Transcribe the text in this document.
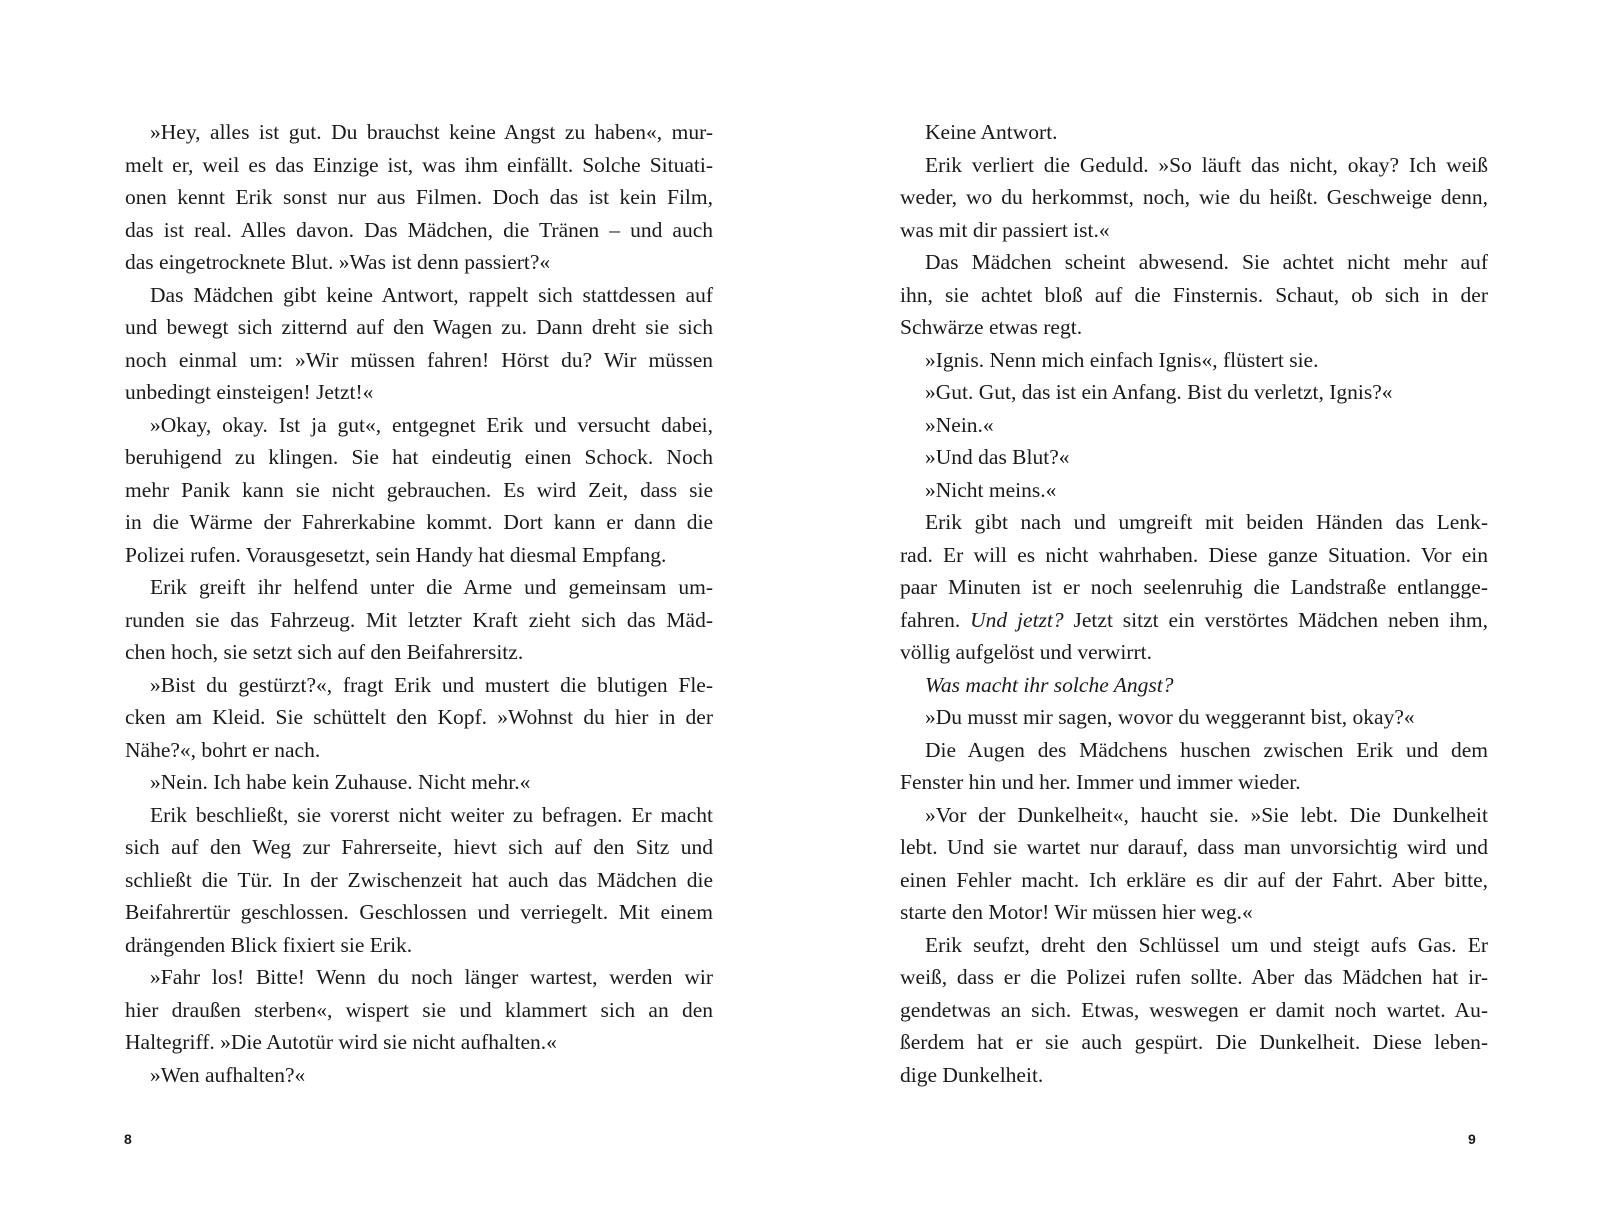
»Hey, alles ist gut. Du brauchst keine Angst zu haben«, mur-
melt er, weil es das Einzige ist, was ihm einfällt. Solche Situati-
onen kennt Erik sonst nur aus Filmen. Doch das ist kein Film,
das ist real. Alles davon. Das Mädchen, die Tränen – und auch
das eingetrocknete Blut. »Was ist denn passiert?«
Das Mädchen gibt keine Antwort, rappelt sich stattdessen auf
und bewegt sich zitternd auf den Wagen zu. Dann dreht sie sich
noch einmal um: »Wir müssen fahren! Hörst du? Wir müssen
unbedingt einsteigen! Jetzt!«
»Okay, okay. Ist ja gut«, entgegnet Erik und versucht dabei,
beruhigend zu klingen. Sie hat eindeutig einen Schock. Noch
mehr Panik kann sie nicht gebrauchen. Es wird Zeit, dass sie
in die Wärme der Fahrerkabine kommt. Dort kann er dann die
Polizei rufen. Vorausgesetzt, sein Handy hat diesmal Empfang.
Erik greift ihr helfend unter die Arme und gemeinsam um-
runden sie das Fahrzeug. Mit letzter Kraft zieht sich das Mäd-
chen hoch, sie setzt sich auf den Beifahrersitz.
»Bist du gestürzt?«, fragt Erik und mustert die blutigen Fle-
cken am Kleid. Sie schüttelt den Kopf. »Wohnst du hier in der
Nähe?«, bohrt er nach.
»Nein. Ich habe kein Zuhause. Nicht mehr.«
Erik beschließt, sie vorerst nicht weiter zu befragen. Er macht
sich auf den Weg zur Fahrerseite, hievt sich auf den Sitz und
schließt die Tür. In der Zwischenzeit hat auch das Mädchen die
Beifahrertür geschlossen. Geschlossen und verriegelt. Mit einem
drängenden Blick fixiert sie Erik.
»Fahr los! Bitte! Wenn du noch länger wartest, werden wir
hier draußen sterben«, wispert sie und klammert sich an den
Haltegriff. »Die Autotür wird sie nicht aufhalten.«
»Wen aufhalten?«
Keine Antwort.
Erik verliert die Geduld. »So läuft das nicht, okay? Ich weiß
weder, wo du herkommst, noch, wie du heißt. Geschweige denn,
was mit dir passiert ist.«
Das Mädchen scheint abwesend. Sie achtet nicht mehr auf
ihn, sie achtet bloß auf die Finsternis. Schaut, ob sich in der
Schwärze etwas regt.
»Ignis. Nenn mich einfach Ignis«, flüstert sie.
»Gut. Gut, das ist ein Anfang. Bist du verletzt, Ignis?«
»Nein.«
»Und das Blut?«
»Nicht meins.«
Erik gibt nach und umgreift mit beiden Händen das Lenk-
rad. Er will es nicht wahrhaben. Diese ganze Situation. Vor ein
paar Minuten ist er noch seelenruhig die Landstraße entlangge-
fahren. Und jetzt? Jetzt sitzt ein verstörtes Mädchen neben ihm,
völlig aufgelöst und verwirrt.
Was macht ihr solche Angst?
»Du musst mir sagen, wovor du weggerannt bist, okay?«
Die Augen des Mädchens huschen zwischen Erik und dem
Fenster hin und her. Immer und immer wieder.
»Vor der Dunkelheit«, haucht sie. »Sie lebt. Die Dunkelheit
lebt. Und sie wartet nur darauf, dass man unvorsichtig wird und
einen Fehler macht. Ich erkläre es dir auf der Fahrt. Aber bitte,
starte den Motor! Wir müssen hier weg.«
Erik seufzt, dreht den Schlüssel um und steigt aufs Gas. Er
weiß, dass er die Polizei rufen sollte. Aber das Mädchen hat ir-
gendetwas an sich. Etwas, weswegen er damit noch wartet. Au-
ßerdem hat er sie auch gespürt. Die Dunkelheit. Diese leben-
dige Dunkelheit.
8	9
